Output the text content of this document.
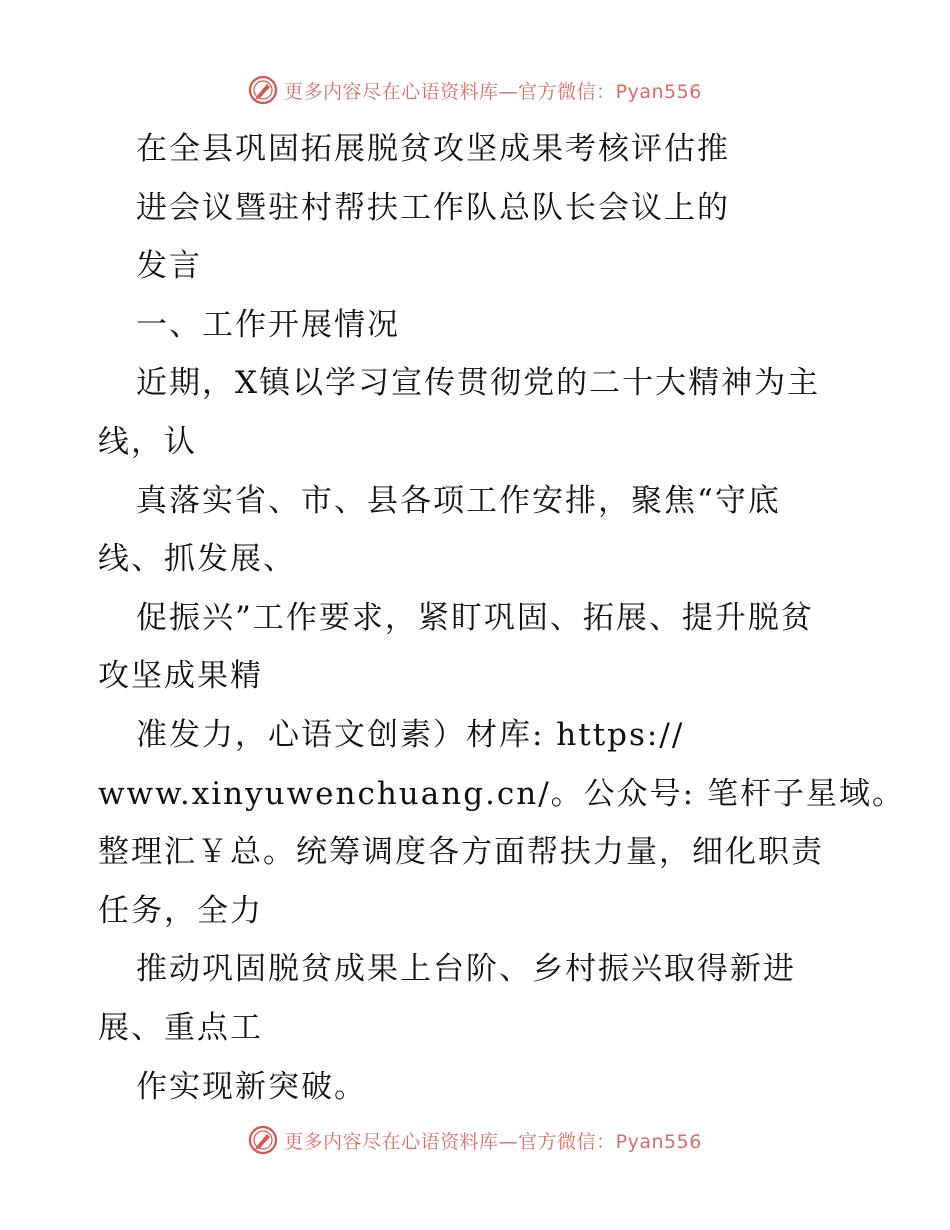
更多内容尽在心语资料库—官方微信：Pyan556
在全县巩固拓展脱贫攻坚成果考核评估推
进会议暨驻村帮扶工作队总队长会议上的
发言
一、工作开展情况
近期，X镇以学习宣传贯彻党的二十大精神为主
线，认
真落实省、市、县各项工作安排，聚焦“守底
线、抓发展、
促振兴”工作要求，紧盯巩固、拓展、提升脱贫
攻坚成果精
准发力，心语文创素）材库: https://
www.xinyuwenchuang.cn/。公众号: 笔杆子星域。
整理汇￥总。统筹调度各方面帮扶力量，细化职责
任务，全力
推动巩固脱贫成果上台阶、乡村振兴取得新进
展、重点工
作实现新突破。
更多内容尽在心语资料库—官方微信：Pyan556
